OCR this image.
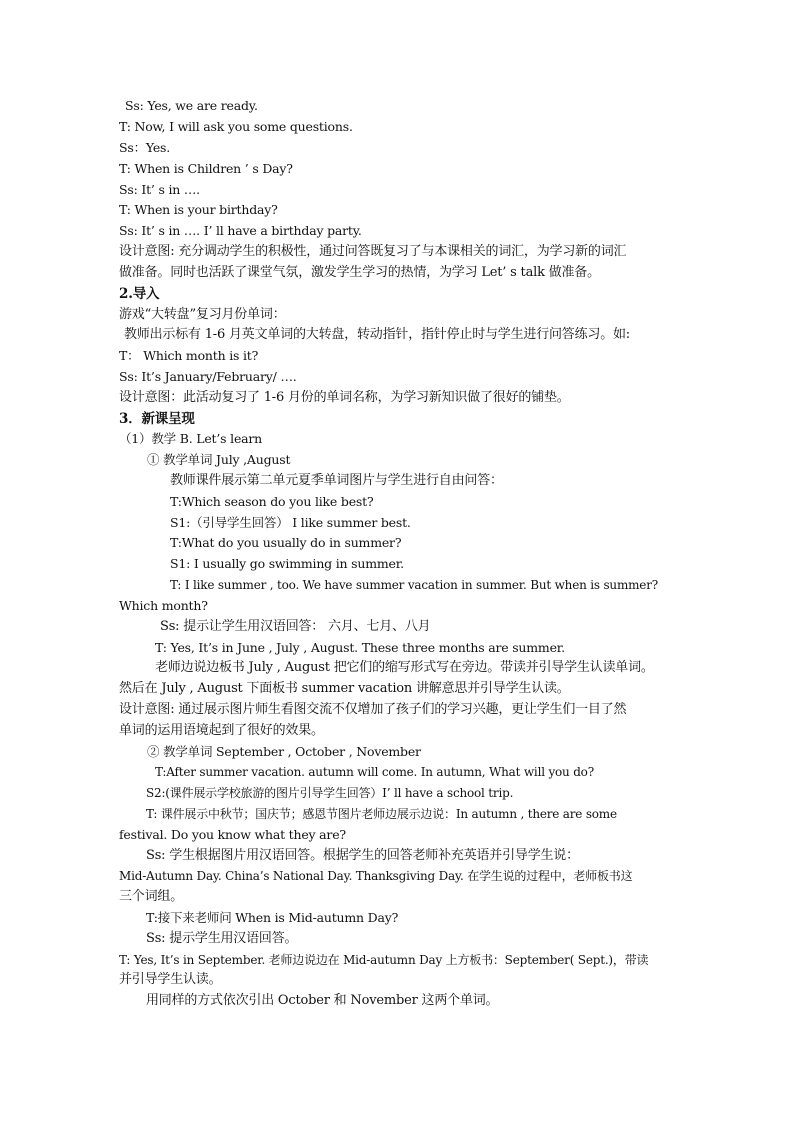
Ss: Yes, we are ready.
T: Now, I will ask you some questions.
Ss：Yes.
T: When is Children ’ s Day?
Ss: It’ s in ….
T: When is your birthday?
Ss: It’ s in …. I’ ll have a birthday party.
设计意图: 充分调动学生的积极性，通过问答既复习了与本课相关的词汇，为学习新的词汇
做准备。同时也活跃了课堂气氛，激发学生学习的热情，为学习 Let’ s talk 做准备。
2.导入
游戏“大转盘”复习月份单词：
教师出示标有 1-6 月英文单词的大转盘，转动指针，指针停止时与学生进行问答练习。如:
T： Which month is it?
Ss: It’s January/February/ ….
设计意图：此活动复习了 1-6 月份的单词名称，为学习新知识做了很好的铺垫。
3．新课呈现
（1）教学 B. Let’s learn
① 教学单词 July ,August
教师课件展示第二单元夏季单词图片与学生进行自由问答：
T:Which season do you like best?
S1:（引导学生回答） I like summer best.
T:What do you usually do in summer?
S1: I usually go swimming in summer.
T: I like summer , too. We have summer vacation in summer. But when is summer?
Which month?
Ss: 提示让学生用汉语回答： 六月、七月、八月
T: Yes, It’s in June , July , August. These three months are summer.
老师边说边板书 July , August 把它们的缩写形式写在旁边。带读并引导学生认读单词。
然后在 July , August 下面板书 summer vacation 讲解意思并引导学生认读。
设计意图: 通过展示图片师生看图交流不仅增加了孩子们的学习兴趣，更让学生们一目了然
单词的运用语境起到了很好的效果。
② 教学单词 September , October , November
T:After summer vacation. autumn will come. In autumn, What will you do?
S2:(课件展示学校旅游的图片引导学生回答）I’ ll have a school trip.
T: 课件展示中秋节；国庆节；感恩节图片老师边展示边说：In autumn , there are some
festival. Do you know what they are?
Ss: 学生根据图片用汉语回答。根据学生的回答老师补充英语并引导学生说：
Mid-Autumn Day. China’s National Day. Thanksgiving Day. 在学生说的过程中，老师板书这
三个词组。
T:接下来老师问 When is Mid-autumn Day?
Ss: 提示学生用汉语回答。
T: Yes, It’s in September. 老师边说边在 Mid-autumn Day 上方板书：September( Sept.)，带读
并引导学生认读。
用同样的方式依次引出 October 和 November 这两个单词。
